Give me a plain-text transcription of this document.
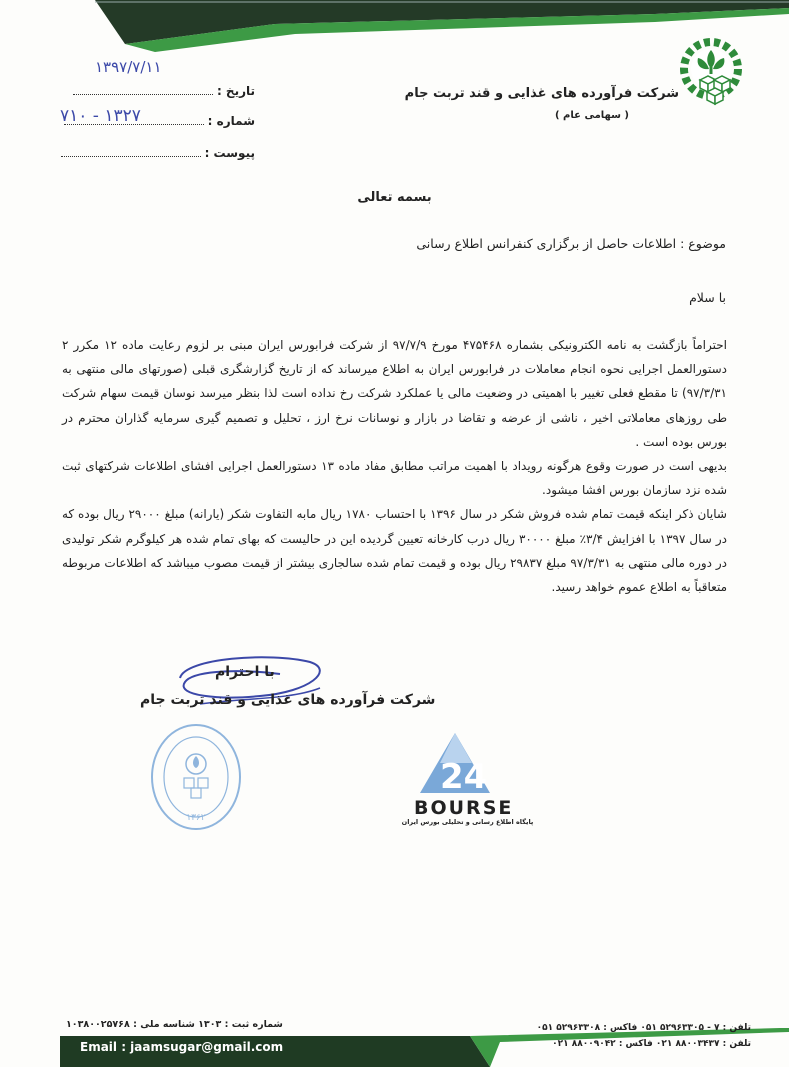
شرکت فرآورده های غذایی و قند تربت جام
( سهامی عام )
۱۳۹۷/۷/۱۱
تاریخ :
۷۱۰ - ۱۳۲۷	شماره :
پیوست :
بسمه تعالی
موضوع : اطلاعات حاصل از برگزاری کنفرانس اطلاع رسانی
با سلام

احتراماً بازگشت به نامه الکترونیکی بشماره ۴۷۵۴۶۸ مورخ ۹۷/۷/۹ از شرکت فرابورس ایران مبنی بر لزوم رعایت ماده ۱۲ مکرر ۲ دستورالعمل اجرایی نحوه انجام معاملات در فرابورس ایران به اطلاع میرساند که از تاریخ گزارشگری قبلی (صورتهای مالی منتهی به ۹۷/۳/۳۱) تا مقطع فعلی تغییر با اهمیتی در وضعیت مالی یا عملکرد شرکت رخ نداده است لذا بنظر میرسد نوسان قیمت سهام شرکت طی روزهای معاملاتی اخیر ، ناشی از عرضه و تقاضا در بازار و نوسانات نرخ ارز ، تحلیل و تصمیم گیری سرمایه گذاران محترم در بورس بوده است .

بدیهی است در صورت وقوع هرگونه رویداد با اهمیت مراتب مطابق مفاد ماده ۱۳ دستورالعمل اجرایی افشای اطلاعات شرکتهای ثبت شده نزد سازمان بورس افشا میشود.

شایان ذکر اینکه قیمت تمام شده فروش شکر در سال ۱۳۹۶ با احتساب ۱۷۸۰ ریال مابه التفاوت شکر (یارانه) مبلغ ۲۹۰۰۰ ریال بوده که در سال ۱۳۹۷ با افزایش ۳/۴٪ مبلغ ۳۰۰۰۰ ریال درب کارخانه تعیین گردیده این در حالیست که بهای تمام شده هر کیلوگرم شکر تولیدی در دوره مالی منتهی به ۹۷/۳/۳۱ مبلغ ۲۹۸۳۷ ریال بوده و قیمت تمام شده سالجاری بیشتر از قیمت مصوب میباشد که اطلاعات مربوطه متعاقباً به اطلاع عموم خواهد رسید.

با احترام
شرکت فرآورده های غذایی و قند تربت جام
۱۳۶۲
24
BOURSE
پایگاه اطلاع رسانی و تحلیلی بورس ایران
شماره ثبت : ۱۳۰۳ شناسه ملی : ۱۰۳۸۰۰۲۵۷۶۸
Email : jaamsugar@gmail.com
تلفن : ۷ - ۵۲۹۶۳۳۰۵ ۰۵۱ فاکس : ۵۲۹۶۳۳۰۸ ۰۵۱
تلفن : ۸۸۰۰۳۴۳۷ ۰۲۱ فاکس : ۸۸۰۰۹۰۴۲ ۰۲۱
